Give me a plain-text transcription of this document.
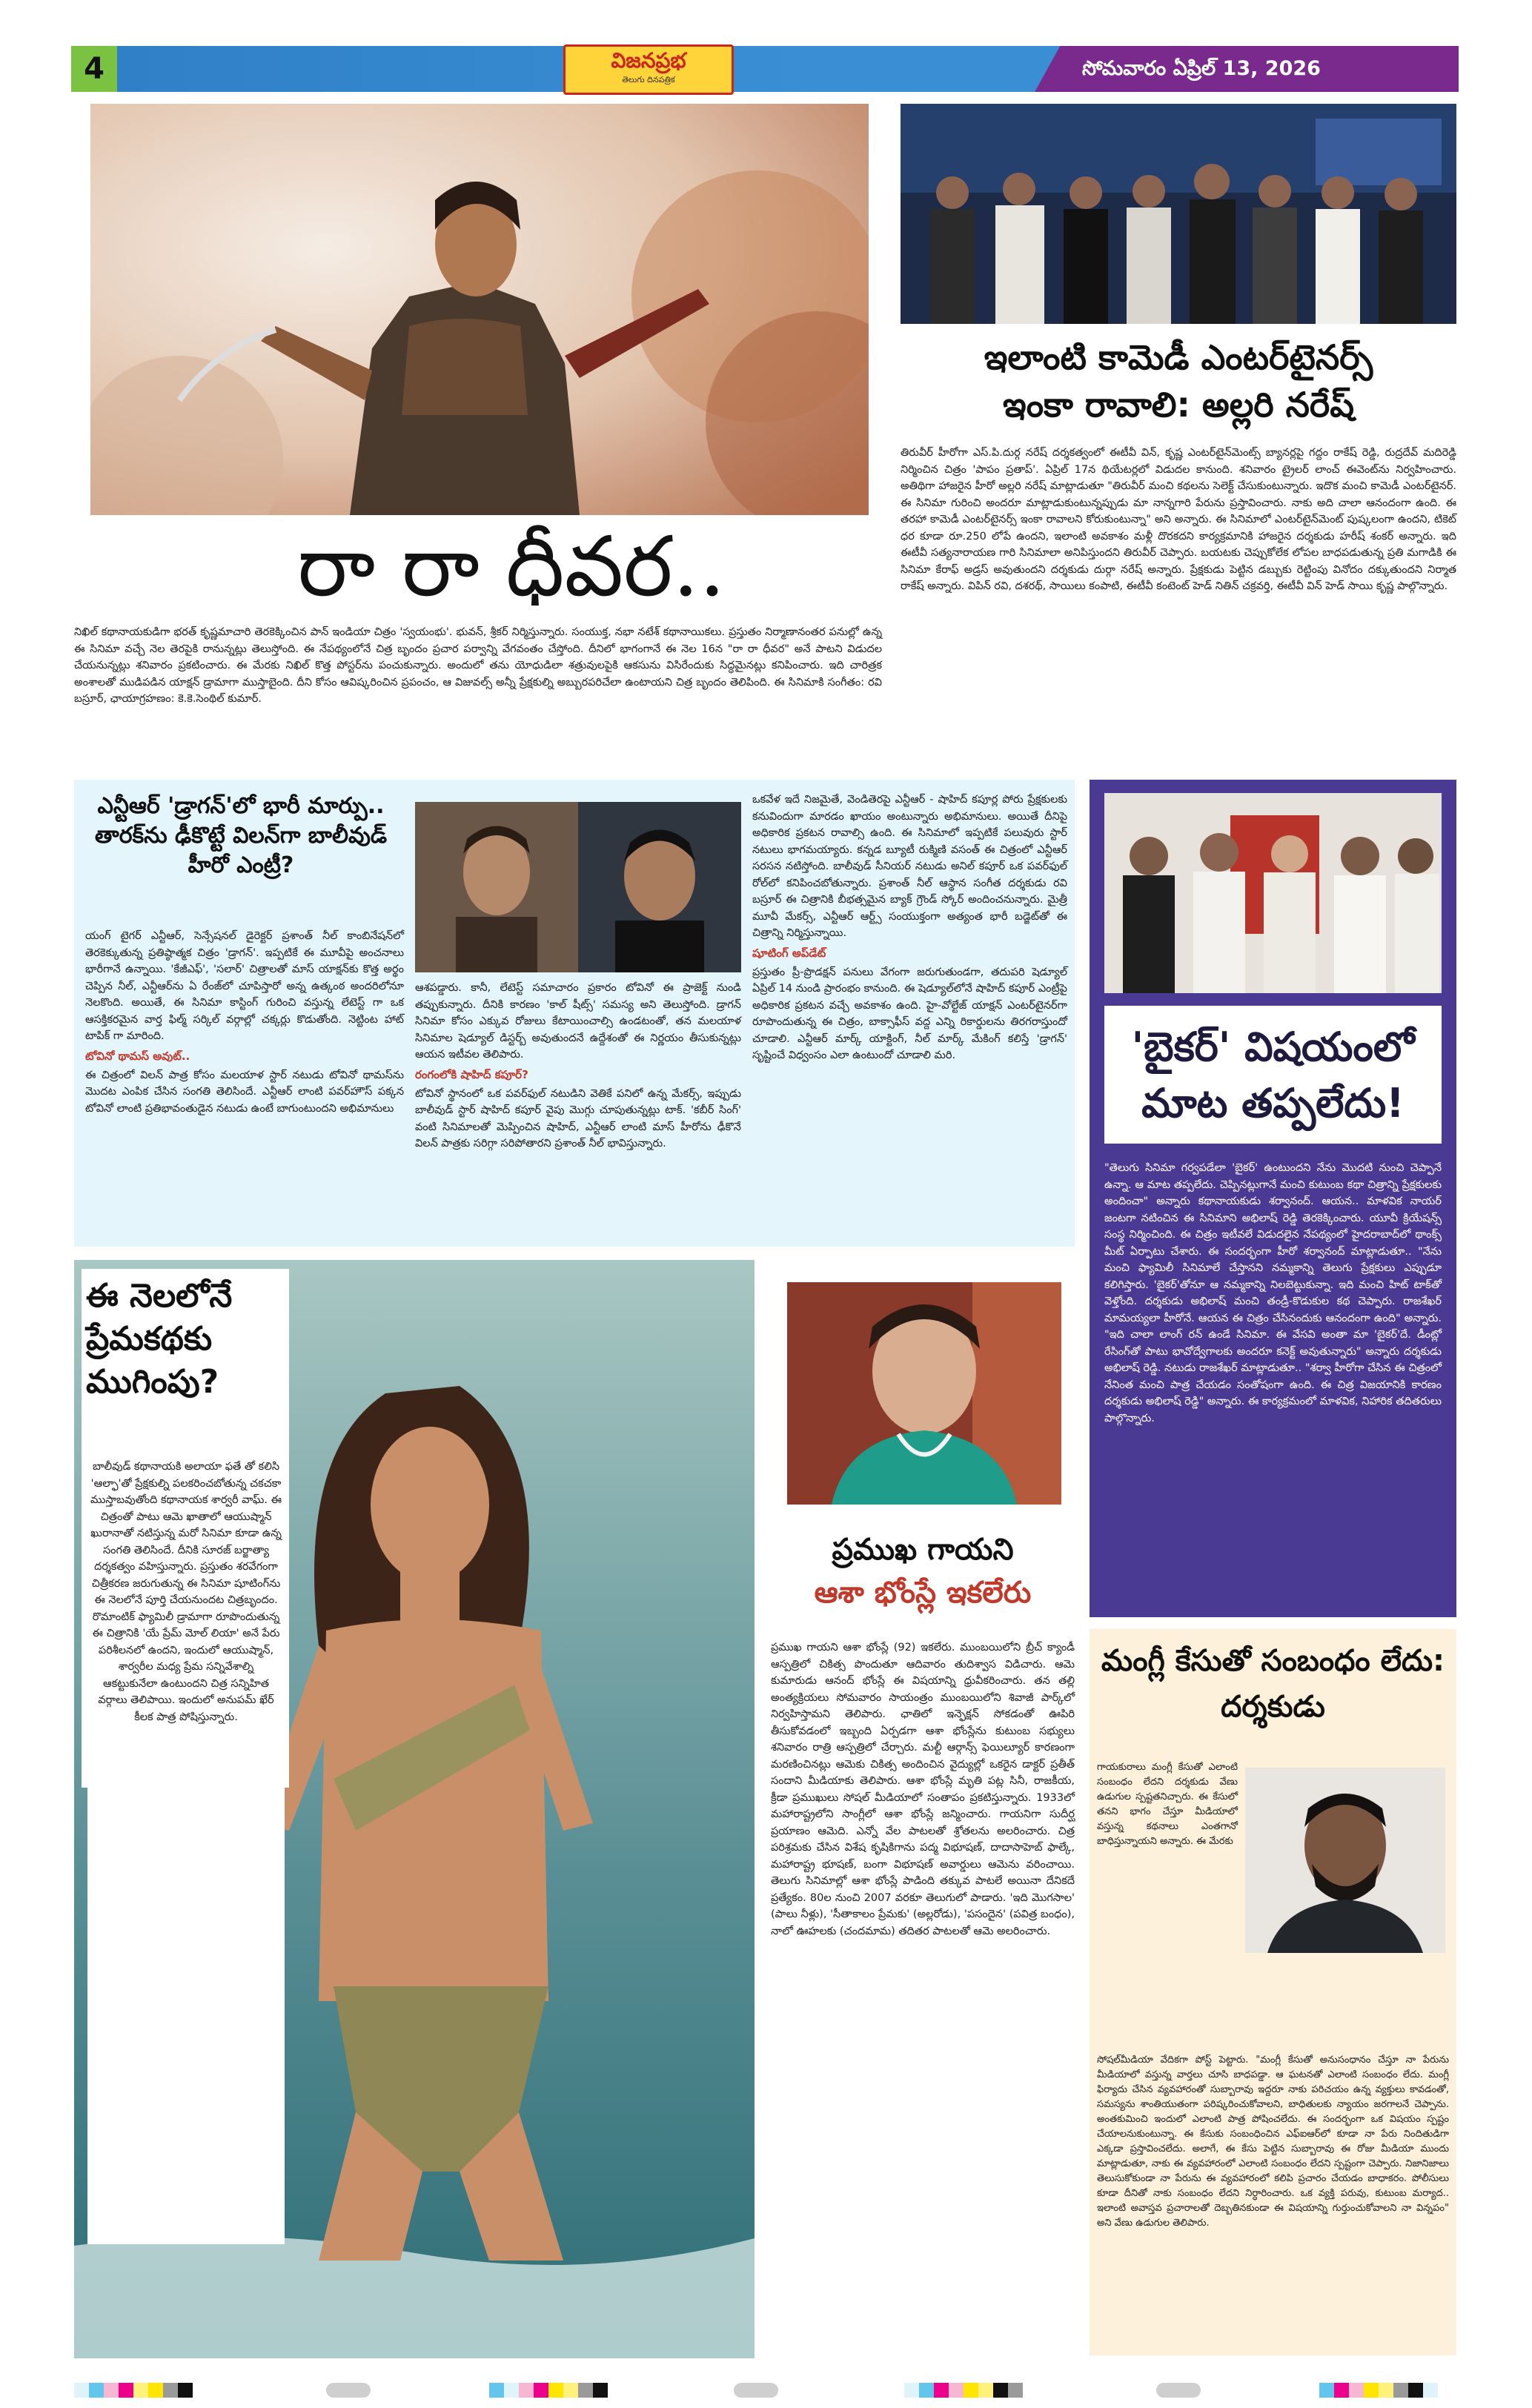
4	సోమవారం ఏప్రిల్ 13, 2026
విజనప్రభ
తెలుగు దినపత్రిక
రా రా ధీవర..

నిఖిల్ కథానాయకుడిగా భరత్ కృష్ణమాచారి తెరకెక్కించిన పాన్ ఇండియా చిత్రం 'స్వయంభు'. భువన్, శ్రీకర్ నిర్మిస్తున్నారు. సంయుక్త, నభా నటేశ్ కథానాయికలు. ప్రస్తుతం నిర్మాణానంతర పనుల్లో ఉన్న ఈ సినిమా వచ్చే నెల తెరపైకి రానున్నట్లు తెలుస్తోంది. ఈ నేపథ్యంలోనే చిత్ర బృందం ప్రచార పర్వాన్ని వేగవంతం చేస్తోంది. దీనిలో భాగంగానే ఈ నెల 16న "రా రా ధీవర" అనే పాటని విడుదల చేయనున్నట్లు శనివారం ప్రకటించారు. ఈ మేరకు నిఖిల్ కొత్త పోస్టర్‌ను పంచుకున్నారు. అందులో తను యోధుడిలా శత్రువులపైకి ఆకసును విసిరేందుకు సిద్ధమైనట్లు కనిపించారు. ఇది చారిత్రక అంశాలతో ముడిపడిన యాక్షన్ డ్రామాగా ముస్తాబైంది. దీని కోసం ఆవిష్కరించిన ప్రపంచం, ఆ విజువల్స్ అన్నీ ప్రేక్షకుల్ని అబ్బురపరిచేలా ఉంటాయని చిత్ర బృందం తెలిపింది. ఈ సినిమాకి సంగీతం: రవి బస్రూర్, ఛాయాగ్రహణం: కె.కె.సెంథిల్ కుమార్.

ఇలాంటి కామెడీ ఎంటర్‌టైనర్స్
ఇంకా రావాలి: అల్లరి నరేష్

తిరువీర్ హీరోగా ఎస్.పి.దుర్గ నరేష్ దర్శకత్వంలో ఈటీవీ విన్, కృష్ణ ఎంటర్‌టైన్‌మెంట్స్ బ్యానర్లపై గద్దం రాకేష్ రెడ్డి, రుద్రదేవ్ మదిరెడ్డి నిర్మించిన చిత్రం 'పాపం ప్రతాప్'. ఏప్రిల్ 17న థియేటర్లలో విడుదల కానుంది. శనివారం ట్రైలర్ లాంచ్ ఈవెంట్‌ను నిర్వహించారు. అతిథిగా హాజరైన హీరో అల్లరి నరేష్ మాట్లాడుతూ "తిరువీర్ మంచి కథలను సెలెక్ట్ చేసుకుంటున్నారు. ఇదొక మంచి కామెడీ ఎంటర్‌టైనర్. ఈ సినిమా గురించి అందరూ మాట్లాడుకుంటున్నప్పుడు మా నాన్నగారి పేరును ప్రస్తావించారు. నాకు అది చాలా ఆనందంగా ఉంది. ఈ తరహా కామెడీ ఎంటర్‌టైనర్స్ ఇంకా రావాలని కోరుకుంటున్నా" అని అన్నారు. ఈ సినిమాలో ఎంటర్‌టైన్‌మెంట్ పుష్కలంగా ఉందని, టికెట్ ధర కూడా రూ.250 లోపే ఉందని, ఇలాంటి అవకాశం మళ్లీ దొరకదని కార్యక్రమానికి హాజరైన దర్శకుడు హరీష్ శంకర్ అన్నారు. ఇది ఈటీవీ సత్యనారాయణ గారి సినిమాలా అనిపిస్తుందని తిరువీర్ చెప్పారు. బయటకు చెప్పుకోలేక లోపల బాధపడుతున్న ప్రతి మగాడికి ఈ సినిమా కేరాఫ్ అడ్రస్ అవుతుందని దర్శకుడు దుర్గా నరేష్ అన్నారు. ప్రేక్షకుడు పెట్టిన డబ్బుకు రెట్టింపు వినోదం దక్కుతుందని నిర్మాత రాకేష్ అన్నారు. విపిన్ రవి, దశరథ్, సాయిలు కంపాటి, ఈటీవీ కంటెంట్ హెడ్ నితిన్ చక్రవర్తి, ఈటీవీ విన్ హెడ్ సాయి కృష్ణ పాల్గొన్నారు.

ఎన్టీఆర్ 'డ్రాగన్'లో భారీ మార్పు.. తారక్‌ను ఢీకొట్టే విలన్‌గా బాలీవుడ్ హీరో ఎంట్రీ?

యంగ్ టైగర్ ఎన్టీఆర్, సెన్సేషనల్ డైరెక్టర్ ప్రశాంత్ నీల్ కాంబినేషన్‌లో తెరకెక్కుతున్న ప్రతిష్ఠాత్మక చిత్రం 'డ్రాగన్'. ఇప్పటికే ఈ మూవీపై అంచనాలు భారీగానే ఉన్నాయి. 'కేజీఎఫ్', 'సలార్' చిత్రాలతో మాస్ యాక్షన్‌కు కొత్త అర్థం చెప్పిన నీల్, ఎన్టీఆర్‌ను ఏ రేంజ్‌లో చూపిస్తారో అన్న ఉత్కంఠ అందరిలోనూ నెలకొంది. అయితే, ఈ సినిమా కాస్టింగ్ గురించి వస్తున్న లేటెస్ట్ గా ఒక ఆసక్తికరమైన వార్త ఫిల్మ్ సర్కిల్ వర్గాల్లో చక్కర్లు కొడుతోంది. నెట్టింట హాట్ టాపిక్ గా మారింది.

టోవినో థామస్ అవుట్..

ఈ చిత్రంలో విలన్ పాత్ర కోసం మలయాళ స్టార్ నటుడు టోవినో థామస్‌ను మొదట ఎంపిక చేసిన సంగతి తెలిసిందే. ఎన్టీఆర్ లాంటి పవర్‌హౌస్ పక్కన టోవినో లాంటి ప్రతిభావంతుడైన నటుడు ఉంటే బాగుంటుందని అభిమానులు

ఆశపడ్డారు. కానీ, లేటెస్ట్ సమాచారం ప్రకారం టోవినో ఈ ప్రాజెక్ట్ నుండి తప్పుకున్నారు. దీనికి కారణం 'కాల్ షీట్స్' సమస్య అని తెలుస్తోంది. డ్రాగన్ సినిమా కోసం ఎక్కువ రోజులు కేటాయించాల్సి ఉండటంతో, తన మలయాళ సినిమాల షెడ్యూల్ డిస్టర్బ్ అవుతుందనే ఉద్దేశంతో ఈ నిర్ణయం తీసుకున్నట్లు ఆయన ఇటీవల తెలిపారు.

రంగంలోకి షాహిద్ కపూర్?

టోవినో స్థానంలో ఒక పవర్‌ఫుల్ నటుడిని వెతికే పనిలో ఉన్న మేకర్స్, ఇప్పుడు బాలీవుడ్ స్టార్ షాహిద్ కపూర్ వైపు మొగ్గు చూపుతున్నట్లు టాక్. 'కబీర్ సింగ్' వంటి సినిమాలతో మెప్పించిన షాహిద్, ఎన్టీఆర్ లాంటి మాస్ హీరోను ఢీకొనే విలన్ పాత్రకు సరిగ్గా సరిపోతారని ప్రశాంత్ నీల్ భావిస్తున్నారు.

ఒకవేళ ఇదే నిజమైతే, వెండితెరపై ఎన్టీఆర్ - షాహిద్ కపూర్ల పోరు ప్రేక్షకులకు కనువిందుగా మారడం ఖాయం అంటున్నారు అభిమానులు. అయితే దీనిపై అధికారిక ప్రకటన రావాల్సి ఉంది. ఈ సినిమాలో ఇప్పటికే పలువురు స్టార్ నటులు భాగమయ్యారు. కన్నడ బ్యూటీ రుక్మిణి వసంత్ ఈ చిత్రంలో ఎన్టీఆర్ సరసన నటిస్తోంది. బాలీవుడ్ సీనియర్ నటుడు అనిల్ కపూర్ ఒక పవర్‌ఫుల్ రోల్‌లో కనిపించబోతున్నారు. ప్రశాంత్ నీల్ ఆస్థాన సంగీత దర్శకుడు రవి బస్రూర్ ఈ చిత్రానికి బీభత్సమైన బ్యాక్ గ్రౌండ్ స్కోర్ అందించనున్నారు. మైత్రీ మూవీ మేకర్స్, ఎన్టీఆర్ ఆర్ట్స్ సంయుక్తంగా అత్యంత భారీ బడ్జెట్‌తో ఈ చిత్రాన్ని నిర్మిస్తున్నాయి.

షూటింగ్ అప్‌డేట్

ప్రస్తుతం ప్రీ-ప్రొడక్షన్ పనులు వేగంగా జరుగుతుండగా, తదుపరి షెడ్యూల్ ఏప్రిల్ 14 నుండి ప్రారంభం కానుంది. ఈ షెడ్యూల్‌లోనే షాహిద్ కపూర్ ఎంట్రీపై అధికారిక ప్రకటన వచ్చే అవకాశం ఉంది. హై-వోల్టేజ్ యాక్షన్ ఎంటర్‌టైనర్‌గా రూపొందుతున్న ఈ చిత్రం, బాక్సాఫీస్ వద్ద ఎన్ని రికార్డులను తిరగరాస్తుందో చూడాలి. ఎన్టీఆర్ మార్క్ యాక్టింగ్, నీల్ మార్క్ మేకింగ్ కలిస్తే 'డ్రాగన్' సృష్టించే విధ్వంసం ఎలా ఉంటుందో చూడాలి మరి.	'బైకర్' విషయంలో
మాట తప్పలేదు!

"తెలుగు సినిమా గర్వపడేలా 'బైకర్' ఉంటుందని నేను మొదటి నుంచి చెప్పానే ఉన్నా. ఆ మాట తప్పలేదు. చెప్పినట్లుగానే మంచి కుటుంబ కథా చిత్రాన్ని ప్రేక్షకులకు అందించా" అన్నారు కథానాయకుడు శర్వానంద్. ఆయన.. మాళవిక నాయర్ జంటగా నటించిన ఈ సినిమాని అభిలాష్ రెడ్డి తెరకెక్కించారు. యూవీ క్రియేషన్స్ సంస్థ నిర్మించింది. ఈ చిత్రం ఇటీవలే విడుదలైన నేపథ్యంలో హైదరాబాద్‌లో థాంక్స్ మీట్ ఏర్పాటు చేశారు. ఈ సందర్భంగా హీరో శర్వానంద్ మాట్లాడుతూ.. "నేను మంచి ఫ్యామిలీ సినిమాలే చేస్తానని నమ్మకాన్ని తెలుగు ప్రేక్షకులు ఎప్పుడూ కలిగిస్తారు. 'బైకర్'తోనూ ఆ నమ్మకాన్ని నిలబెట్టుకున్నా. ఇది మంచి హిట్ టాక్‌తో వెళ్తోంది. దర్శకుడు అభిలాష్ మంచి తండ్రీ-కొడుకుల కథ చెప్పారు. రాజశేఖర్ మామయ్యలా హీరోనే. ఆయన ఈ చిత్రం చేసినందుకు ఆనందంగా ఉంది" అన్నారు. "ఇది చాలా లాంగ్ రన్ ఉండే సినిమా. ఈ వేసవి అంతా మా 'బైకర్'దే. డీంట్లో రేసింగ్‌తో పాటు భావోద్వేగాలకు అందరూ కనెక్ట్ అవుతున్నారు" అన్నారు దర్శకుడు అభిలాష్ రెడ్డి. నటుడు రాజశేఖర్ మాట్లాడుతూ.. "శర్వా హీరోగా చేసిన ఈ చిత్రంలో నేనింత మంచి పాత్ర చేయడం సంతోషంగా ఉంది. ఈ చిత్ర విజయానికి కారణం దర్శకుడు అభిలాష్ రెడ్డి" అన్నారు. ఈ కార్యక్రమంలో మాళవిక, నిహారిక తదితరులు పాల్గొన్నారు.

ఈ నెలలోనే ప్రేమకథకు ముగింపు?

బాలీవుడ్ కథానాయకి అలాయా ఫతే తో కలిసి 'ఆల్ఫా'తో ప్రేక్షకుల్ని పలకరించబోతున్న చకచకా ముస్తాబవుతోంది కథానాయక శార్వరీ వాఘ్. ఈ చిత్రంతో పాటు ఆమె ఖాతాలో ఆయుష్మాన్ ఖురానాతో నటిస్తున్న మరో సినిమా కూడా ఉన్న సంగతి తెలిసిందే. దీనికి సూరజ్ బర్జాత్యా దర్శకత్వం వహిస్తున్నారు. ప్రస్తుతం శరవేగంగా చిత్రీకరణ జరుగుతున్న ఈ సినిమా షూటింగ్‌ను ఈ నెలలోనే పూర్తి చేయనుందట చిత్రబృందం. రొమాంటిక్ ఫ్యామిలీ డ్రామాగా రూపొందుతున్న ఈ చిత్రానికి 'యే ప్రేమ్ మోల్ లియా' అనే పేరు పరిశీలనలో ఉందని, ఇందులో ఆయుష్మాన్, శార్వరీల మధ్య ప్రేమ సన్నివేశాల్ని ఆకట్టుకునేలా ఉంటుందని చిత్ర సన్నిహిత వర్గాలు తెలిపాయి. ఇందులో అనుపమ్ ఖేర్ కీలక పాత్ర పోషిస్తున్నారు.

ప్రముఖ గాయని
ఆశా భోంస్లే ఇకలేరు

ప్రముఖ గాయని ఆశా భోంస్లే (92) ఇకలేరు. ముంబయిలోని బ్రీచ్ క్యాండీ ఆస్పత్రిలో చికిత్స పొందుతూ ఆదివారం తుదిశ్వాస విడిచారు. ఆమె కుమారుడు ఆనంద్ భోంస్లే ఈ విషయాన్ని ధ్రువీకరించారు. తన తల్లి అంత్యక్రియలు సోమవారం సాయంత్రం ముంబయిలోని శివాజీ పార్క్‌లో నిర్వహిస్తామని తెలిపారు. ఛాతిలో ఇన్ఫెక్షన్ సోకడంతో ఊపిరి తీసుకోవడంలో ఇబ్బంది ఏర్పడగా ఆశా భోంస్లేను కుటుంబ సభ్యులు శనివారం రాత్రి ఆస్పత్రిలో చేర్చారు. మల్టీ ఆర్గాన్స్ ఫెయిల్యూర్ కారణంగా మరణించినట్లు ఆమెకు చికిత్స అందించిన వైద్యుల్లో ఒకరైన డాక్టర్ ప్రతీత్ సందాని మీడియాకు తెలిపారు. ఆశా భోంస్లే మృతి పట్ల సినీ, రాజకీయ, క్రీడా ప్రముఖులు సోషల్ మీడియాలో సంతాపం ప్రకటిస్తున్నారు. 1933లో మహారాష్ట్రలోని సాంగ్లీలో ఆశా భోంస్లే జన్మించారు. గాయనిగా సుదీర్ఘ ప్రయాణం ఆమెది. ఎన్నో వేల పాటలతో శ్రోతలను అలరించారు. చిత్ర పరిశ్రమకు చేసిన విశేష కృషికిగాను పద్మ విభూషణ్, దాదాసాహెబ్ ఫాల్కే, మహారాష్ట్ర భూషణ్, బంగా విభూషణ్ అవార్డులు ఆమెను వరించాయి. తెలుగు సినిమాల్లో ఆశా భోంస్లే పాడింది తక్కువ పాటలే అయినా దేనికదే ప్రత్యేకం. 80ల నుంచి 2007 వరకూ తెలుగులో పాడారు. 'ఇది మొగసాల' (పాలు నీళ్లు), 'సీతాకాలం ప్రేమకు' (అల్లరోడు), 'పసందైన' (పవిత్ర బంధం), నాలో ఊహలకు (చందమామ) తదితర పాటలతో ఆమె అలరించారు.

మంగ్లీ కేసుతో సంబంధం లేదు: దర్శకుడు

గాయకురాలు మంగ్లీ కేసుతో ఎలాంటి సంబంధం లేదని దర్శకుడు వేణు ఉడుగుల స్పష్టతనిచ్చారు. ఈ కేసులో తనని భాగం చేస్తూ మీడియాలో వస్తున్న కథనాలు ఎంతగానో బాధిస్తున్నాయని అన్నారు. ఈ మేరకు

సోషల్‌మీడియా వేదికగా పోస్ట్ పెట్టారు. "మంగ్లీ కేసుతో అనుసంధానం చేస్తూ నా పేరును మీడియాలో వస్తున్న వార్తలు చూసి బాధపడ్డా. ఆ ఘటనతో ఎలాంటి సంబంధం లేదు. మంగ్లీ ఫిర్యాదు చేసిన వ్యవహారంతో సుబ్బారావు ఇద్దరూ నాకు పరిచయం ఉన్న వ్యక్తులు కావడంతో, సమస్యను శాంతియుతంగా పరిష్కరించుకోవాలని, బాధితులకు న్యాయం జరగాలనే చెప్పాను. అంతకుమించి ఇందులో ఎలాంటి పాత్ర పోషించలేదు. ఈ సందర్భంగా ఒక విషయం స్పష్టం చేయాలనుకుంటున్నా. ఈ కేసుకు సంబంధించిన ఎఫ్‌ఐఆర్‌లో కూడా నా పేరు నిందితుడిగా ఎక్కడా ప్రస్తావించలేదు. అలాగే, ఈ కేసు పెట్టిన సుబ్బారావు ఈ రోజు మీడియా ముందు మాట్లాడుతూ, నాకు ఈ వ్యవహారంలో ఎలాంటి సంబంధం లేదని స్పష్టంగా చెప్పారు. నిజానిజాలు తెలుసుకోకుండా నా పేరును ఈ వ్యవహారంలో కలిపి ప్రచారం చేయడం బాధాకరం. పోలీసులు కూడా దీనితో నాకు సంబంధం లేదని నిర్ధారించారు. ఒక వ్యక్తి పరువు, కుటుంబ మర్యాద.. ఇలాంటి అవాస్తవ ప్రచారాలతో దెబ్బతినకుండా ఈ విషయాన్ని గుర్తుంచుకోవాలని నా విన్నపం" అని వేణు ఉడుగుల తెలిపారు.
